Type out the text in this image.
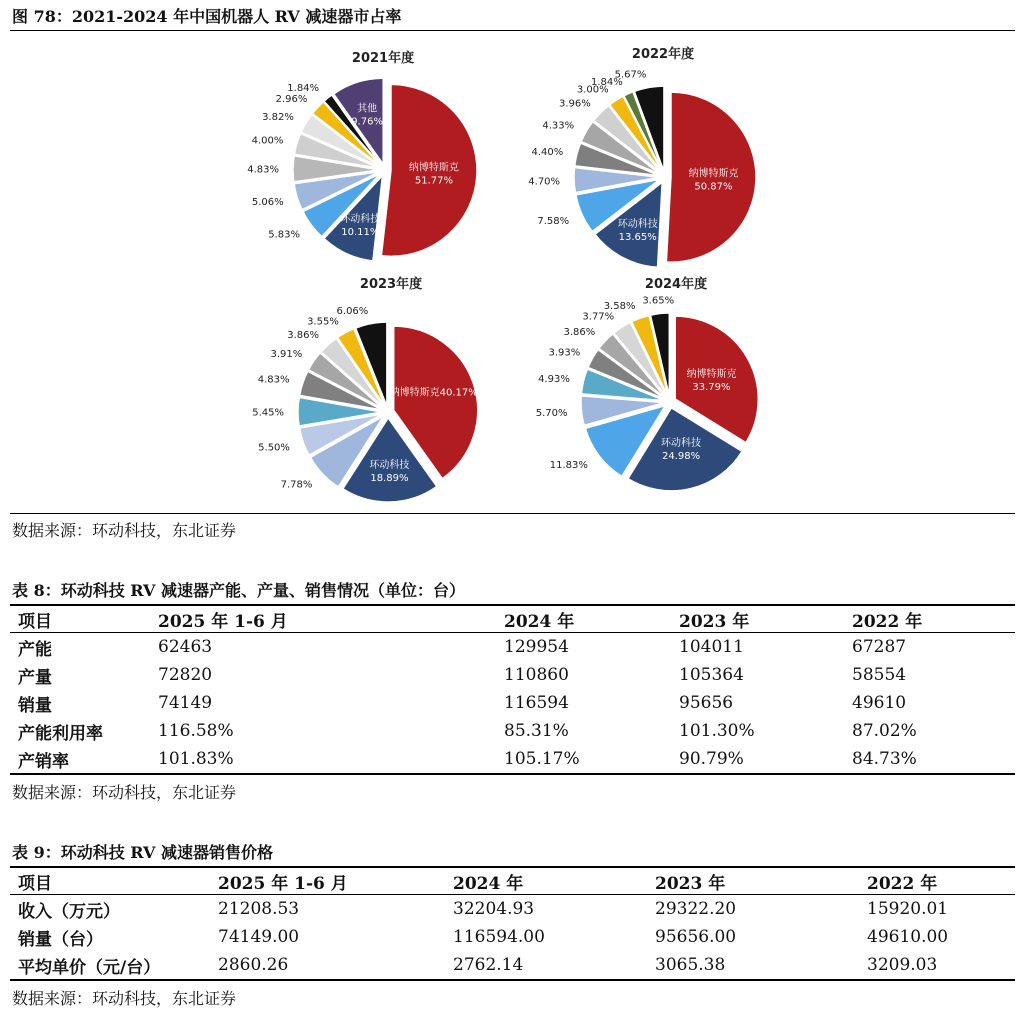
图 78：2021-2024 年中国机器人 RV 减速器市占率
2021年度
纳博特斯克
51.77%
环动科技
10.11%
5.83%
5.06%
4.83%
4.00%
3.82%
2.96%
1.84%
其他
9.76%
2022年度
纳博特斯克
50.87%
环动科技
13.65%
7.58%
4.70%
4.40%
4.33%
3.96%
3.00%
1.84%
5.67%
2023年度
纳博特斯克40.17%
环动科技
18.89%
7.78%
5.50%
5.45%
4.83%
3.91%
3.86%
3.55%
6.06%
2024年度
纳博特斯克
33.79%
环动科技
24.98%
11.83%
5.70%
4.93%
3.93%
3.86%
3.77%
3.58% 3.65%
数据来源：环动科技，东北证券
表 8：环动科技 RV 减速器产能、产量、销售情况（单位：台）
项目	2025 年 1-6 月	2024 年	2023 年	2022 年
产能	62463	129954	104011	67287
产量	72820	110860	105364	58554
销量	74149	116594	95656	49610
产能利用率	116.58%	85.31%	101.30%	87.02%
产销率	101.83%	105.17%	90.79%	84.73%
数据来源：环动科技，东北证券
表 9：环动科技 RV 减速器销售价格
项目	2025 年 1-6 月	2024 年	2023 年	2022 年
收入（万元）	21208.53	32204.93	29322.20	15920.01
销量（台）	74149.00	116594.00	95656.00	49610.00
平均单价（元/台）	2860.26	2762.14	3065.38	3209.03
数据来源：环动科技，东北证券
